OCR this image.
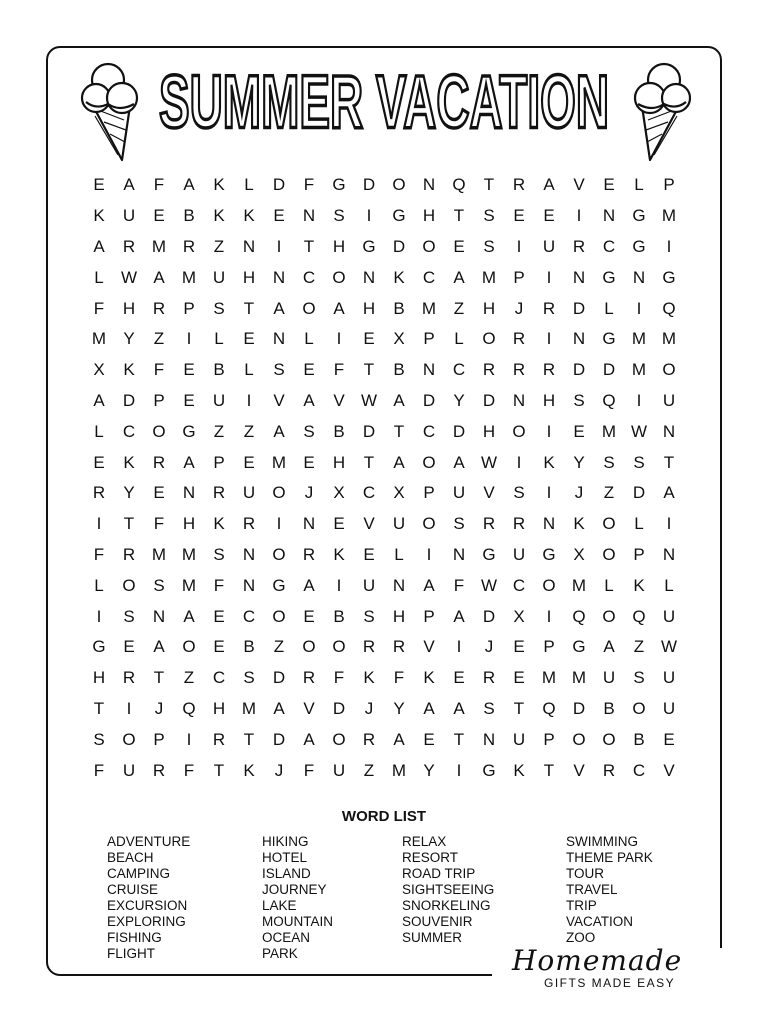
SUMMER VACATION
E	A	F	A	K	L	D	F	G	D	O	N	Q	T	R	A	V	E	L	P
K	U	E	B	K	K	E	N	S	I	G	H	T	S	E	E	I	N	G M
A	R M R	Z	N	I	T	H	G	D	O	E	S	I	U	R	C	G	I
L	W A	M U	H	N	C	O	N	K	C	A	M	P	I	N	G	N	G
F	H	R	P	S	T	A	O	A	H	B	M	Z	H	J	R	D	L	I	Q
M	Y	Z	I	L	E	N	L	I	E	X	P	L	O	R	I	N	G M M
X	K	F	E	B	L	S	E	F	T	B	N	C	R	R	R	D	D M O
A	D	P	E	U	I	V	A	V W A	D	Y	D	N	H	S	Q	I	U
L	C	O G	Z	Z	A	S	B	D	T	C	D	H	O	I	E	M W N
E	K	R	A	P	E	M	E	H	T	A	O	A W	I	K	Y	S	S	T
R	Y	E	N	R	U	O	J	X	C	X	P	U	V	S	I	J	Z	D	A
I	T	F	H	K	R	I	N	E	V	U	O	S	R	R	N	K	O	L	I
F	R M M	S	N	O	R	K	E	L	I	N	G	U	G	X	O	P	N
L	O	S	M	F	N	G	A	I	U	N	A	F W C	O M	L	K	L
I	S	N	A	E	C	O	E	B	S	H	P	A	D	X	I	Q O Q	U
G	E	A	O	E	B	Z	O O	R	R	V	I	J	E	P	G	A	Z W
H	R	T	Z	C	S	D	R	F	K	F	K	E	R	E	M M U	S	U
T	I	J	Q	H M	A	V	D	J	Y	A	A	S	T	Q	D	B	O	U
S	O	P	I	R	T	D	A	O	R	A	E	T	N	U	P	O O	B	E
F	U	R	F	T	K	J	F	U	Z	M	Y	I	G	K	T	V	R	C	V
WORD LIST
ADVENTURE
BEACH
CAMPING
CRUISE
EXCURSION
EXPLORING
FISHING
FLIGHT
HIKING
HOTEL
ISLAND
JOURNEY
LAKE
MOUNTAIN
OCEAN
PARK
RELAX
RESORT
ROAD TRIP
SIGHTSEEING
SNORKELING
SOUVENIR
SUMMER
SWIMMING
THEME PARK
TOUR
TRAVEL
TRIP
VACATION
ZOO
Homemade
GIFTS MADE EASY
